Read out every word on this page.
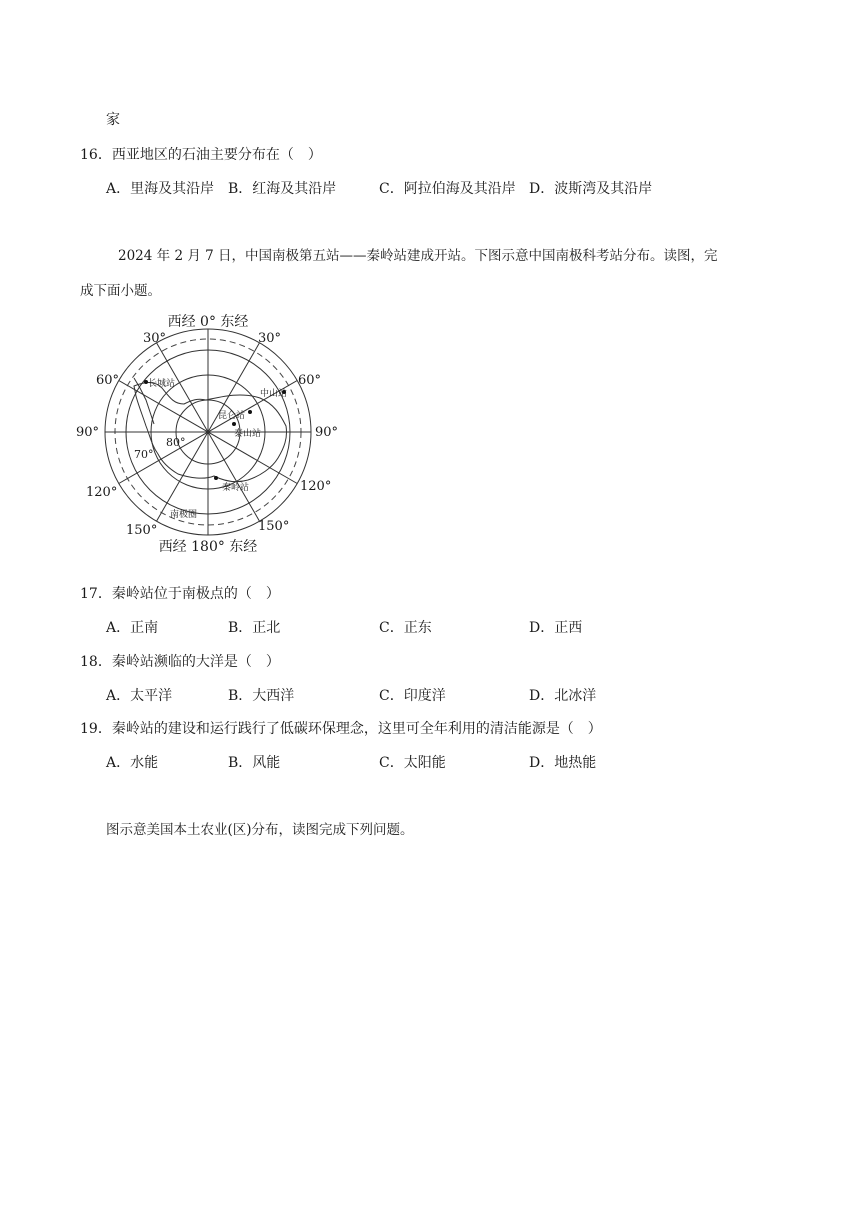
家
16．西亚地区的石油主要分布在（　）
A．里海及其沿岸 B．红海及其沿岸	C．阿拉伯海及其沿岸 D．波斯湾及其沿岸
2024 年 2 月 7 日，中国南极第五站——秦岭站建成开站。下图示意中国南极科考站分布。读图，完
成下面小题。
西经 0° 东经
西经 180° 东经
30°
60°
90°
120°
150°
30°
60°
90°
120°
150°
80°
70°
长城站
昆仑站
中山站
泰山站
秦岭站
南极圈
17．秦岭站位于南极点的（　）
A．正南	B．正北	C．正东	D．正西
18．秦岭站濒临的大洋是（　）
A．太平洋	B．大西洋	C．印度洋	D．北冰洋
19．秦岭站的建设和运行践行了低碳环保理念，这里可全年利用的清洁能源是（　）
A．水能	B．风能	C．太阳能	D．地热能
图示意美国本土农业(区)分布，读图完成下列问题。
